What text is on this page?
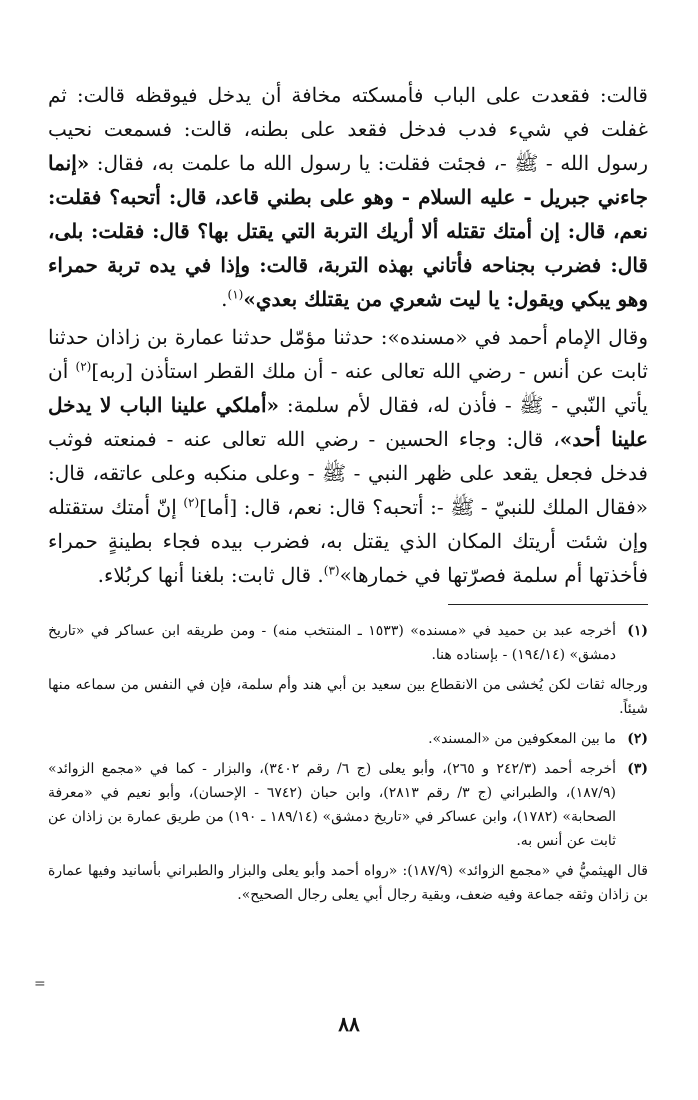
قالت: فقعدت على الباب فأمسكته مخافة أن يدخل فيوقظه قالت: ثم غفلت في شيء فدب فدخل فقعد على بطنه، قالت: فسمعت نحيب رسول الله - ﷺ -، فجئت فقلت: يا رسول الله ما علمت به، فقال: «إنما جاءني جبريل - عليه السلام - وهو على بطني قاعد، قال: أتحبه؟ فقلت: نعم، قال: إن أمتك تقتله ألا أريك التربة التي يقتل بها؟ قال: فقلت: بلى، قال: فضرب بجناحه فأتاني بهذه التربة، قالت: وإذا في يده تربة حمراء وهو يبكي ويقول: يا ليت شعري من يقتلك بعدي»$^{(١)}$.

وقال الإمام أحمد في «مسنده»: حدثنا مؤمّل حدثنا عمارة بن زاذان حدثنا ثابت عن أنس - رضي الله تعالى عنه - أن ملك القطر استأذن [ربه]$^{(٢)}$ أن يأتي النّبي - ﷺ - فأذن له، فقال لأم سلمة: «أملكي علينا الباب لا يدخل علينا أحد»، قال: وجاء الحسين - رضي الله تعالى عنه - فمنعته فوثب فدخل فجعل يقعد على ظهر النبي - ﷺ - وعلى منكبه وعلى عاتقه، قال: «فقال الملك للنبيّ - ﷺ -: أتحبه؟ قال: نعم، قال: [أما]$^{(٢)}$ إنّ أمتك ستقتله وإن شئت أريتك المكان الذي يقتل به، فضرب بيده فجاء بطينةٍ حمراء فأخذتها أم سلمة فصرّتها في خمارها»$^{(٣)}$. قال ثابت: بلغنا أنها كربُلاء.

(١)
أخرجه عبد بن حميد في «مسنده» (١٥٣٣ ـ المنتخب منه) - ومن طريقه ابن عساكر في «تاريخ دمشق» (١٩٤/١٤) - بإسناده هنا.

ورجاله ثقات لكن يُخشى من الانقطاع بين سعيد بن أبي هند وأم سلمة، فإن في النفس من سماعه منها شيئاً.

(٢)
ما بين المعكوفين من «المسند».
(٣)
أخرجه أحمد (٢٤٢/٣ و ٢٦٥)، وأبو يعلى (ج ٦/ رقم ٣٤٠٢)، والبزار - كما في «مجمع الزوائد» (١٨٧/٩)، والطبراني (ج ٣/ رقم ٢٨١٣)، وابن حبان (٦٧٤٢ - الإحسان)، وأبو نعيم في «معرفة الصحابة» (١٧٨٢)، وابن عساكر في «تاريخ دمشق» (١٨٩/١٤ ـ ١٩٠) من طريق عمارة بن زاذان عن ثابت عن أنس به.

قال الهيثميُّ في «مجمع الزوائد» (١٨٧/٩): «رواه أحمد وأبو يعلى والبزار والطبراني بأسانيد وفيها عمارة بن زاذان وثقه جماعة وفيه ضعف، وبقية رجال أبي يعلى رجال الصحيح».

=
٨٨
